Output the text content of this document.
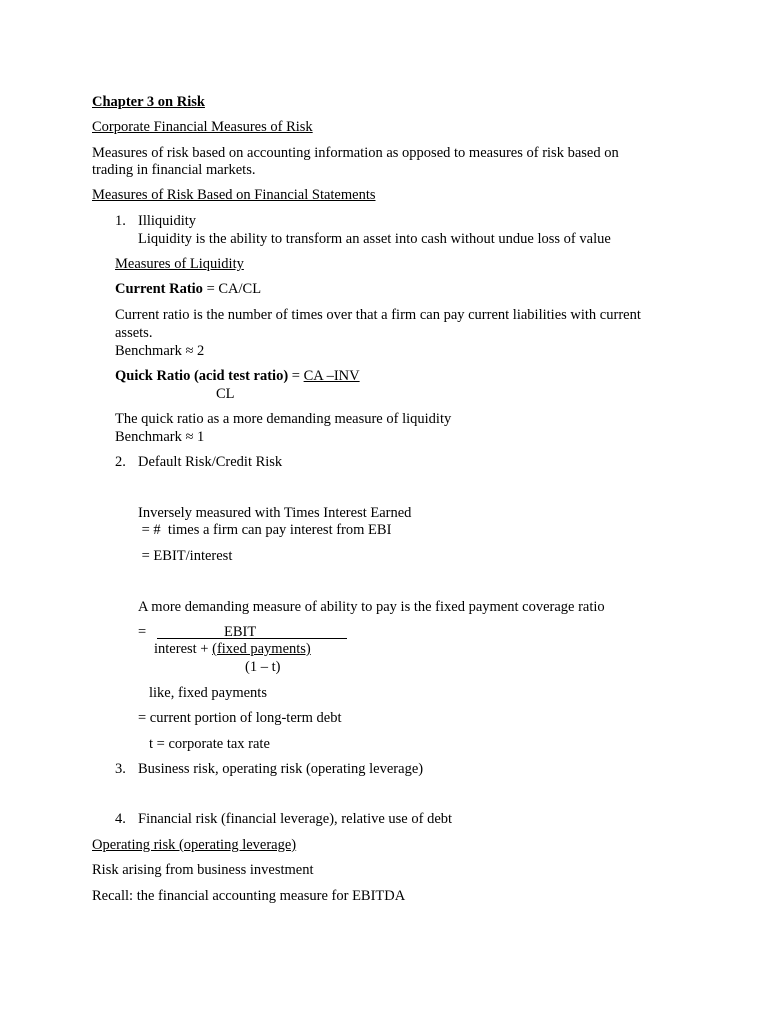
Chapter 3 on Risk
Corporate Financial Measures of Risk
Measures of risk based on accounting information as opposed to measures of risk based on
trading in financial markets.
Measures of Risk Based on Financial Statements
1. Illiquidity
Liquidity is the ability to transform an asset into cash without undue loss of value
Measures of Liquidity
Current Ratio = CA/CL
Current ratio is the number of times over that a firm can pay current liabilities with current
assets.
Benchmark ≈ 2
Quick Ratio (acid test ratio) = CA –INV
CL
The quick ratio as a more demanding measure of liquidity
Benchmark ≈ 1
2. Default Risk/Credit Risk
Inversely measured with Times Interest Earned
= #  times a firm can pay interest from EBI
= EBIT/interest
A more demanding measure of ability to pay is the fixed payment coverage ratio
=	EBIT
interest + (fixed payments)
(1 – t)
like, fixed payments
= current portion of long-term debt
t = corporate tax rate
3. Business risk, operating risk (operating leverage)
4. Financial risk (financial leverage), relative use of debt
Operating risk (operating leverage)
Risk arising from business investment
Recall: the financial accounting measure for EBITDA
